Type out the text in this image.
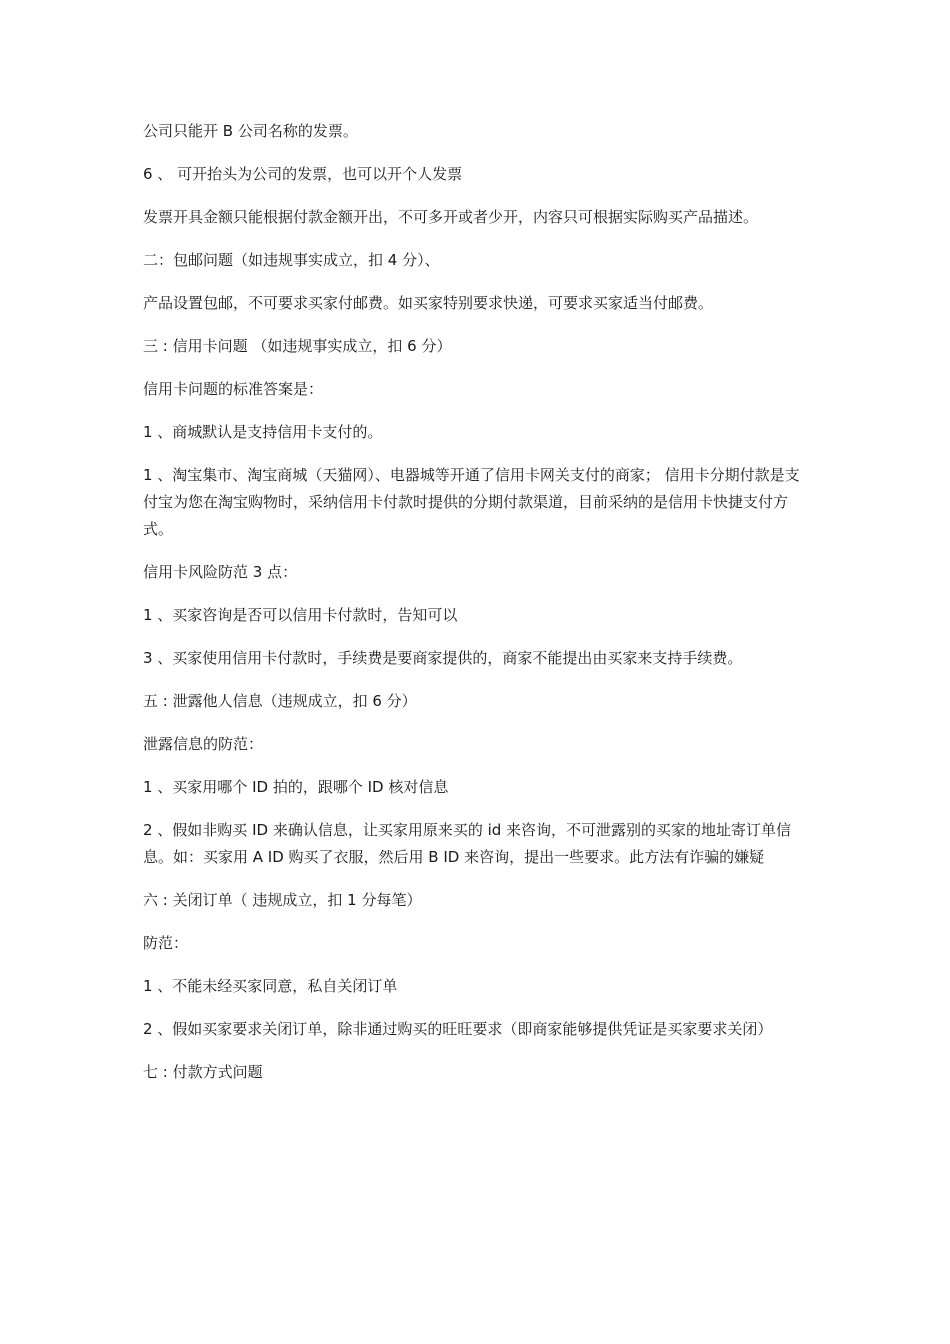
公司只能开 B 公司名称的发票。

6 、 可开抬头为公司的发票，也可以开个人发票

发票开具金额只能根据付款金额开出，不可多开或者少开，内容只可根据实际购买产品描述。

二：包邮问题（如违规事实成立，扣 4 分）、

产品设置包邮，不可要求买家付邮费。如买家特别要求快递，可要求买家适当付邮费。

三 : 信用卡问题 （如违规事实成立，扣 6 分）

信用卡问题的标准答案是：

1 、商城默认是支持信用卡支付的。

1 、淘宝集市、淘宝商城（天猫网）、电器城等开通了信用卡网关支付的商家； 信用卡分期付款是支付宝为您在淘宝购物时，采纳信用卡付款时提供的分期付款渠道，目前采纳的是信用卡快捷支付方式。

信用卡风险防范 3 点：

1 、买家咨询是否可以信用卡付款时，告知可以

3 、买家使用信用卡付款时，手续费是要商家提供的，商家不能提出由买家来支持手续费。

五 : 泄露他人信息（违规成立，扣 6 分）

泄露信息的防范：

1 、买家用哪个 ID 拍的，跟哪个 ID 核对信息

2 、假如非购买 ID 来确认信息，让买家用原来买的 id 来咨询，不可泄露别的买家的地址寄订单信息。如：买家用 A ID 购买了衣服，然后用 B ID 来咨询，提出一些要求。此方法有诈骗的嫌疑

六 : 关闭订单（ 违规成立，扣 1 分每笔）

防范：

1 、不能未经买家同意，私自关闭订单

2 、假如买家要求关闭订单，除非通过购买的旺旺要求（即商家能够提供凭证是买家要求关闭）

七 : 付款方式问题
